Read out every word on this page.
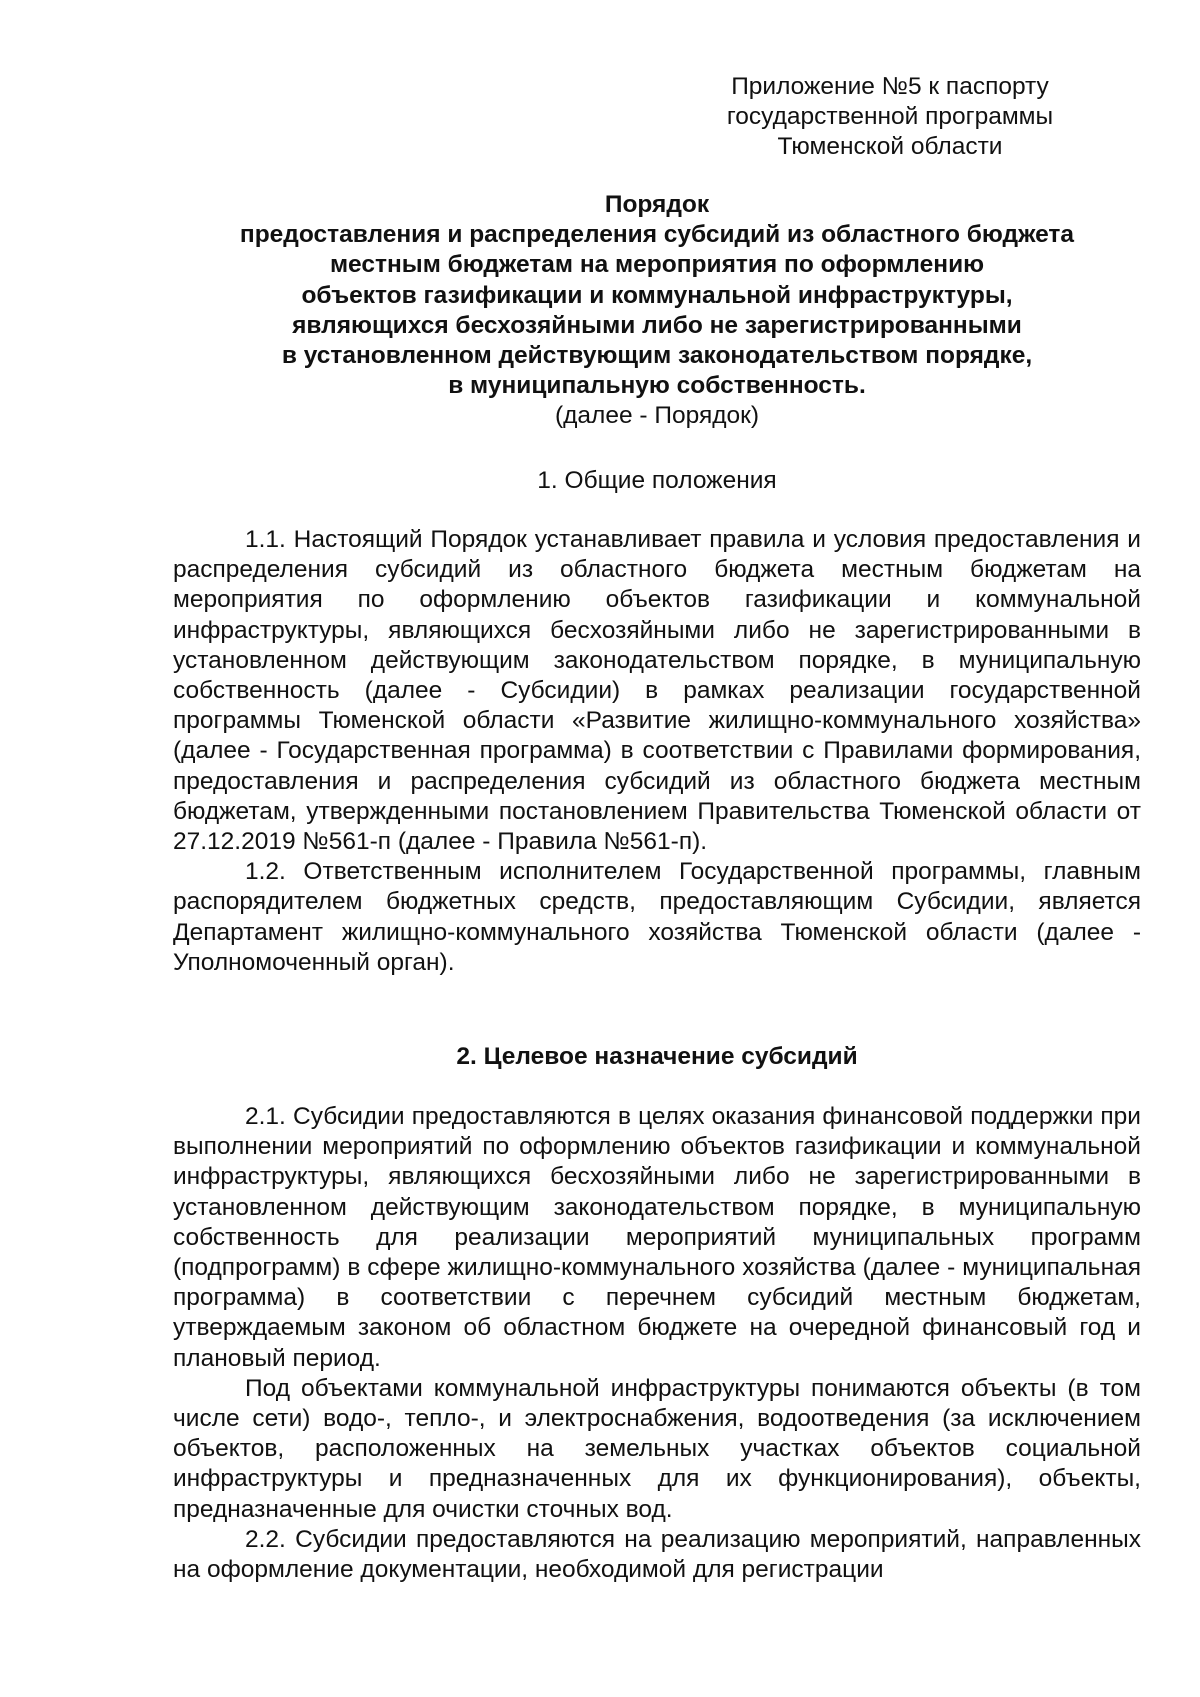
Приложение №5 к паспорту
государственной программы
Тюменской области
Порядок
предоставления и распределения субсидий из областного бюджета
местным бюджетам на мероприятия по оформлению
объектов газификации и коммунальной инфраструктуры,
являющихся бесхозяйными либо не зарегистрированными
в установленном действующим законодательством порядке,
в муниципальную собственность.
(далее - Порядок)
1. Общие положения

1.1. Настоящий Порядок устанавливает правила и условия предоставления и распределения субсидий из областного бюджета местным бюджетам на мероприятия по оформлению объектов газификации и коммунальной инфраструктуры, являющихся бесхозяйными либо не зарегистрированными в установленном действующим законодательством порядке, в муниципальную собственность (далее - Субсидии) в рамках реализации государственной программы Тюменской области «Развитие жилищно-коммунального хозяйства» (далее - Государственная программа) в соответствии с Правилами формирования, предоставления и распределения субсидий из областного бюджета местным бюджетам, утвержденными постановлением Правительства Тюменской области от 27.12.2019 №561-п (далее - Правила №561-п).

1.2. Ответственным исполнителем Государственной программы, главным распорядителем бюджетных средств, предоставляющим Субсидии, является Департамент жилищно-коммунального хозяйства Тюменской области (далее - Уполномоченный орган).

2. Целевое назначение субсидий

2.1. Субсидии предоставляются в целях оказания финансовой поддержки при выполнении мероприятий по оформлению объектов газификации и коммунальной инфраструктуры, являющихся бесхозяйными либо не зарегистрированными в установленном действующим законодательством порядке, в муниципальную собственность для реализации мероприятий муниципальных программ (подпрограмм) в сфере жилищно-коммунального хозяйства (далее - муниципальная программа) в соответствии с перечнем субсидий местным бюджетам, утверждаемым законом об областном бюджете на очередной финансовый год и плановый период.

Под объектами коммунальной инфраструктуры понимаются объекты (в том числе сети) водо-, тепло-, и электроснабжения, водоотведения (за исключением объектов, расположенных на земельных участках объектов социальной инфраструктуры и предназначенных для их функционирования), объекты, предназначенные для очистки сточных вод.

2.2. Субсидии предоставляются на реализацию мероприятий, направленных на оформление документации, необходимой для регистрации
